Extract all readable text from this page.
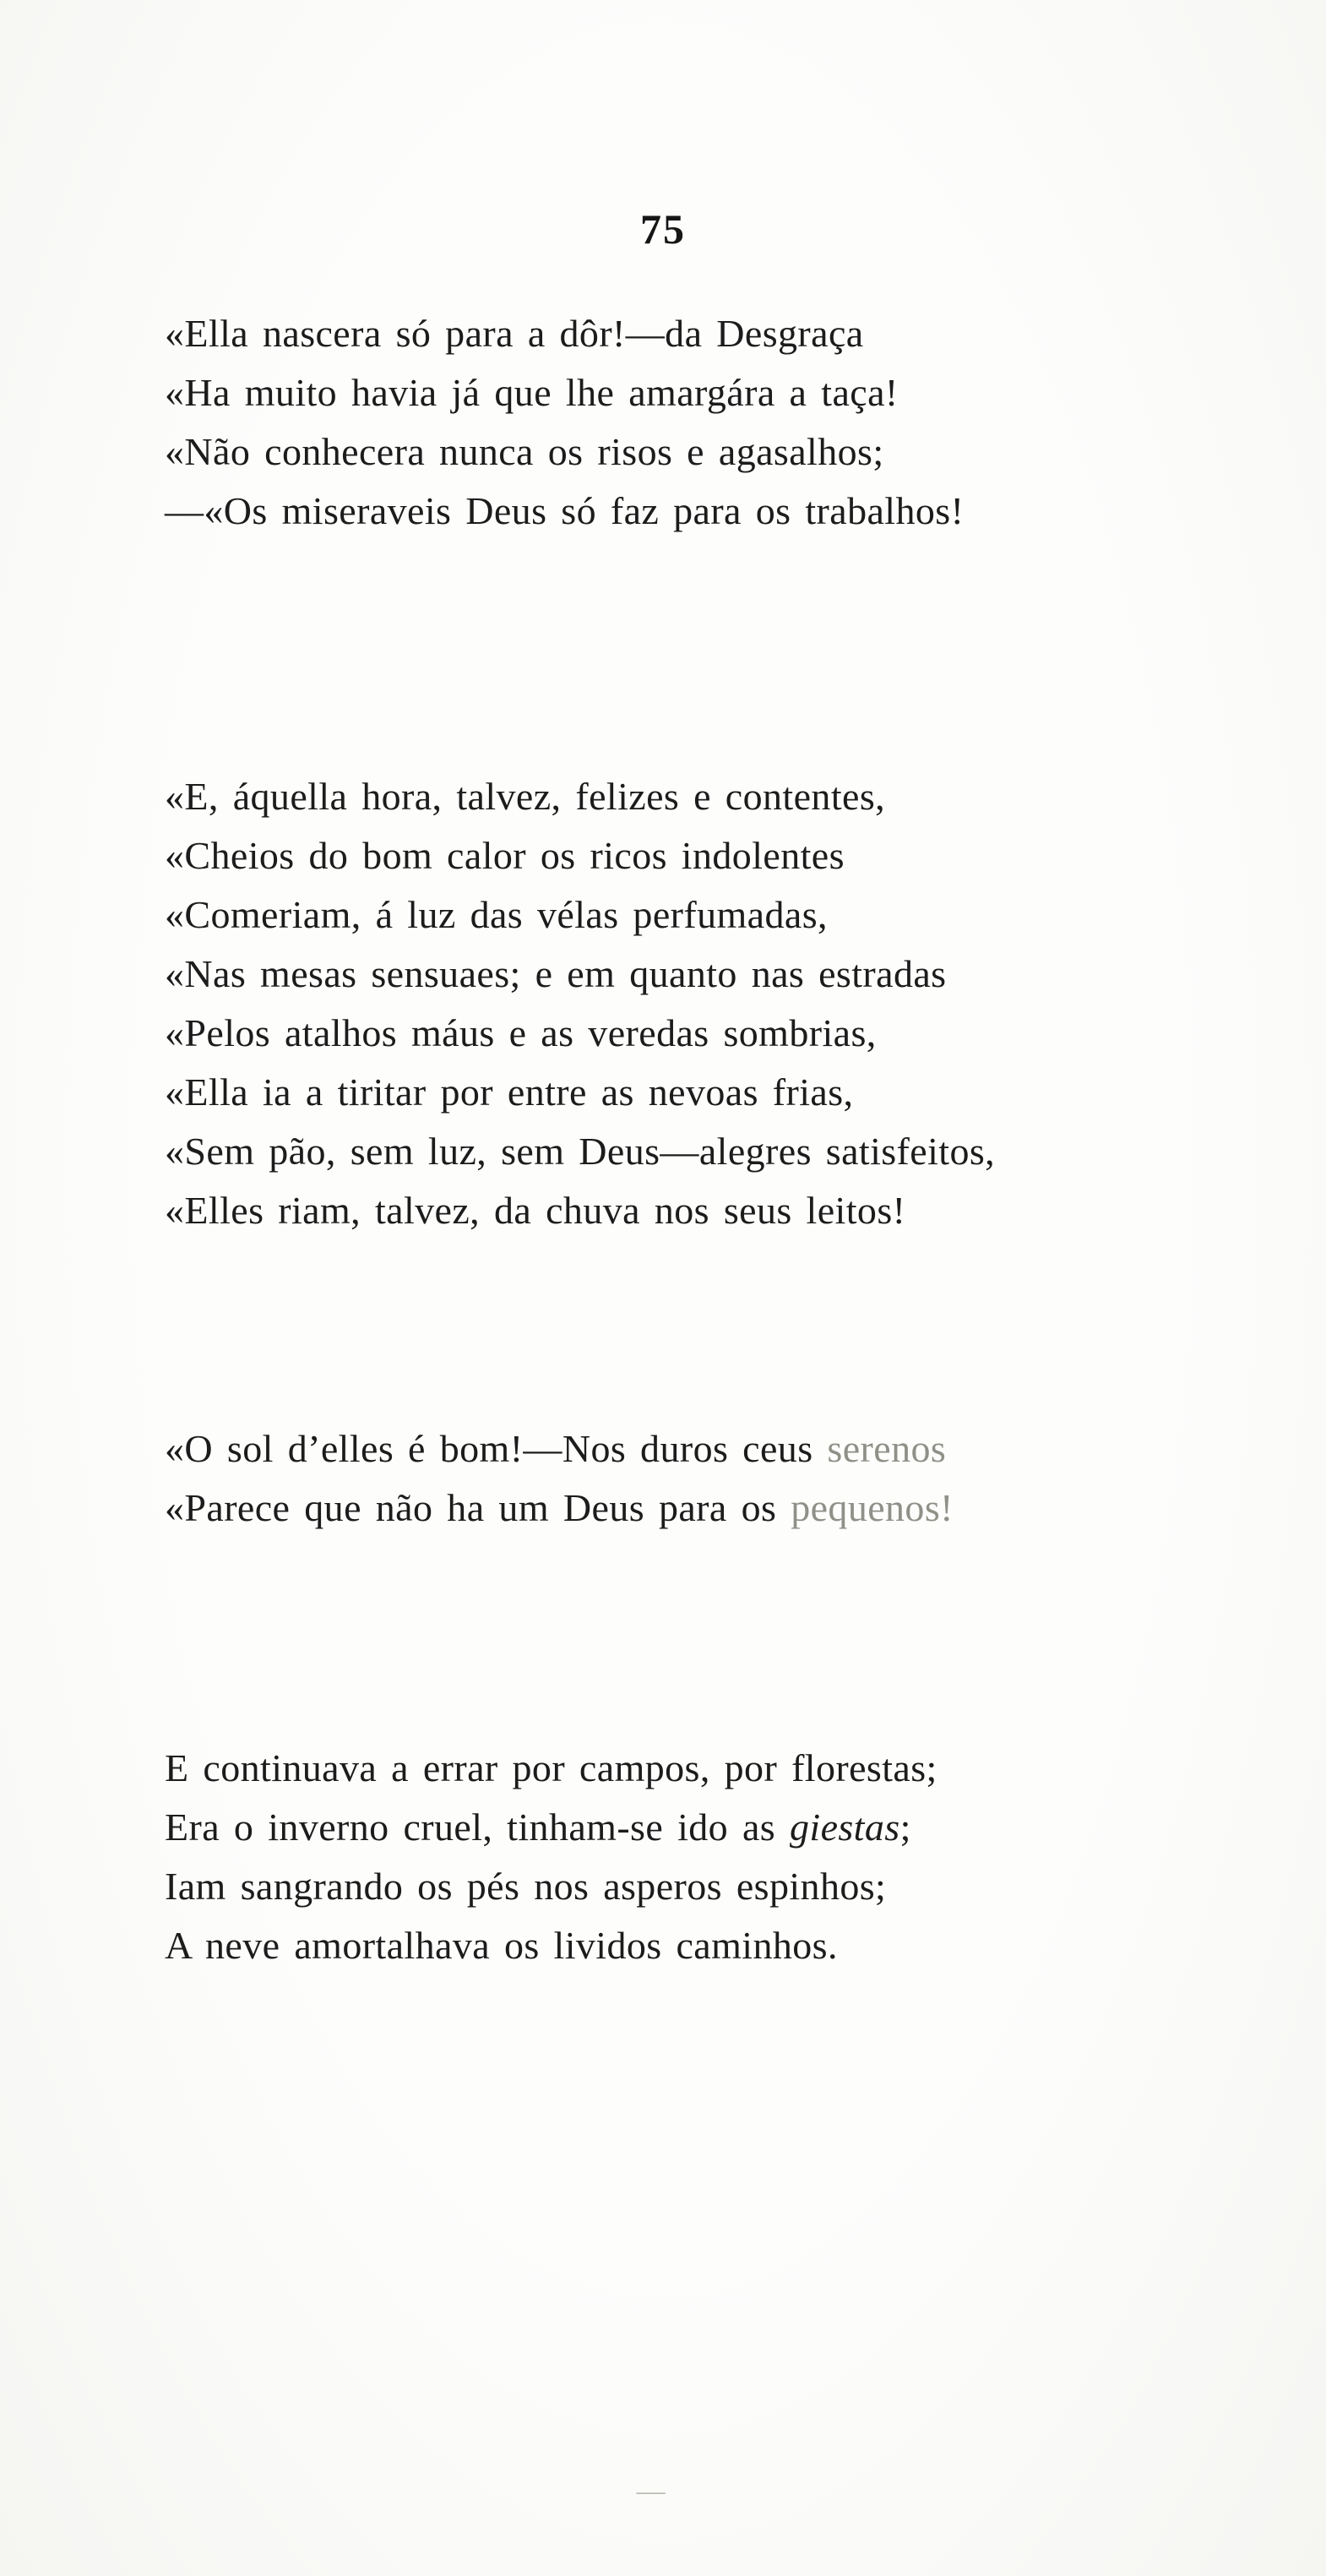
75

«Ella nascera só para a dôr!—da Desgraça

«Ha muito havia já que lhe amargára a taça!

«Não conhecera nunca os risos e agasalhos;

—«Os miseraveis Deus só faz para os trabalhos!

«E, áquella hora, talvez, felizes e contentes,

«Cheios do bom calor os ricos indolentes

«Comeriam, á luz das vélas perfumadas,

«Nas mesas sensuaes; e em quanto nas estradas

«Pelos atalhos máus e as veredas sombrias,

«Ella ia a tiritar por entre as nevoas frias,

«Sem pão, sem luz, sem Deus—alegres satisfeitos,

«Elles riam, talvez, da chuva nos seus leitos!

«O sol d’elles é bom!—Nos duros ceus serenos

«Parece que não ha um Deus para os pequenos!

E continuava a errar por campos, por florestas;

Era o inverno cruel, tinham-se ido as giestas;

Iam sangrando os pés nos asperos espinhos;

A neve amortalhava os lividos caminhos.

—
